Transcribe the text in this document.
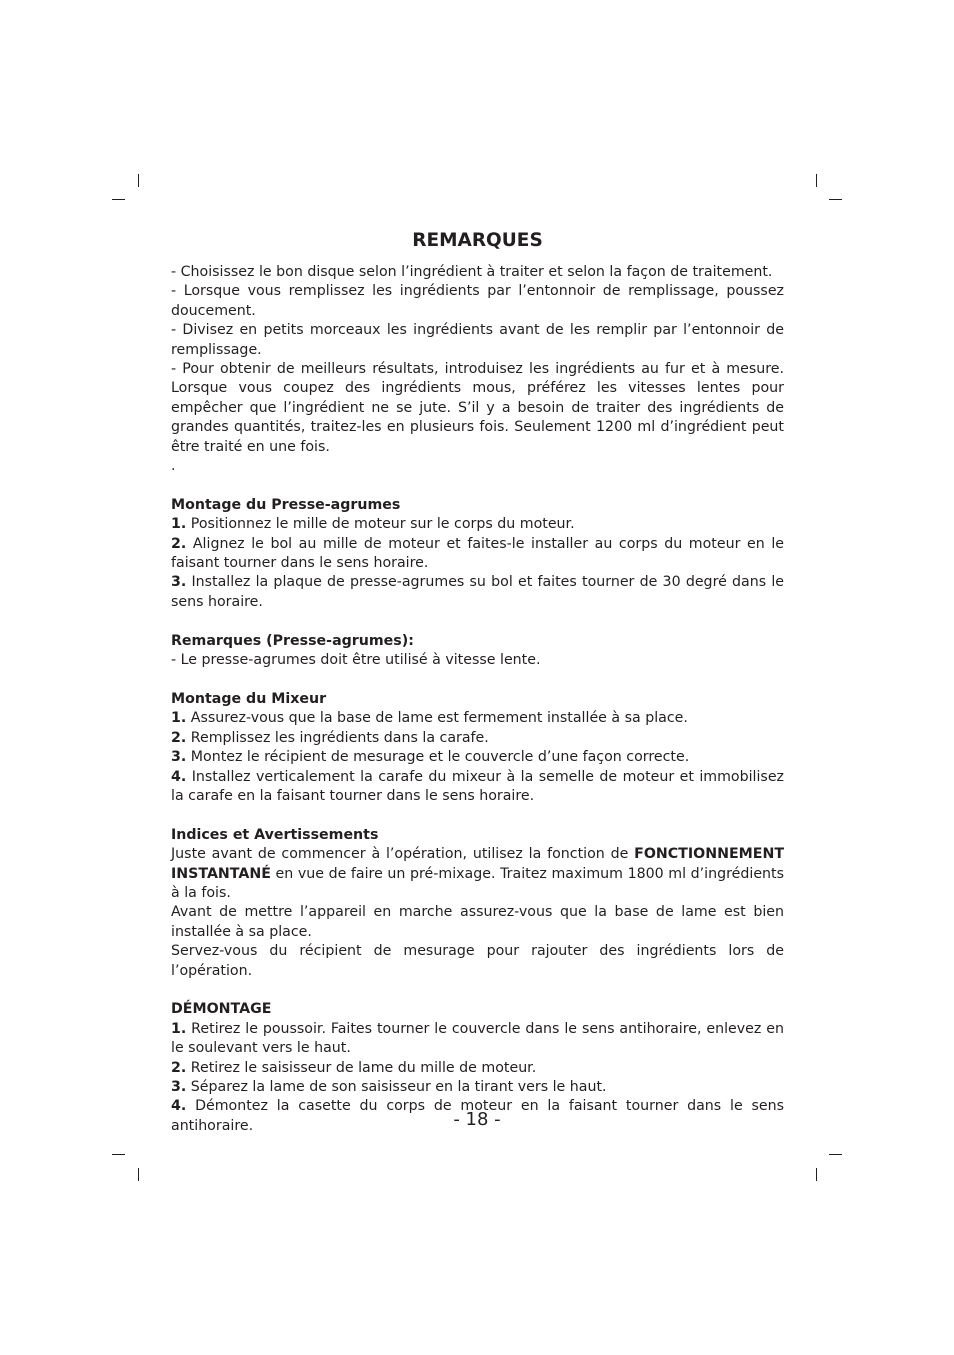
REMARQUES

- Choisissez le bon disque selon l’ingrédient à traiter et selon la façon de traitement.

- Lorsque vous remplissez les ingrédients par l’entonnoir de remplissage, poussez doucement.

- Divisez en petits morceaux les ingrédients avant de les remplir par l’entonnoir de remplissage.

- Pour obtenir de meilleurs résultats, introduisez les ingrédients au fur et à mesure. Lorsque vous coupez des ingrédients mous, préférez les vitesses lentes pour empêcher que l’ingrédient ne se jute. S’il y a besoin de traiter des ingrédients de grandes quantités, traitez-les en plusieurs fois. Seulement 1200 ml d’ingrédient peut être traité en une fois.

.

Montage du Presse-agrumes

1. Positionnez le mille de moteur sur le corps du moteur.

2. Alignez le bol au mille de moteur et faites-le installer au corps du moteur en le faisant tourner dans le sens horaire.

3. Installez la plaque de presse-agrumes su bol et faites tourner de 30 degré dans le sens horaire.

Remarques (Presse-agrumes):

- Le presse-agrumes doit être utilisé à vitesse lente.

Montage du Mixeur

1. Assurez-vous que la base de lame est fermement installée à sa place.

2. Remplissez les ingrédients dans la carafe.

3. Montez le récipient de mesurage et le couvercle d’une façon correcte.

4. Installez verticalement la carafe du mixeur à la semelle de moteur et immobilisez la carafe en la faisant tourner dans le sens horaire.

Indices et Avertissements

Juste avant de commencer à l’opération, utilisez la fonction de FONCTIONNEMENT INSTANTANÉ en vue de faire un pré-mixage. Traitez maximum 1800 ml d’ingrédients à la fois.

Avant de mettre l’appareil en marche assurez-vous que la base de lame est bien installée à sa place.

Servez-vous du récipient de mesurage pour rajouter des ingrédients lors de l’opération.

DÉMONTAGE

1. Retirez le poussoir. Faites tourner le couvercle dans le sens antihoraire, enlevez en le soulevant vers le haut.

2. Retirez le saisisseur de lame du mille de moteur.

3. Séparez la lame de son saisisseur en la tirant vers le haut.

4. Démontez la casette du corps de moteur en la faisant tourner dans le sens antihoraire.	- 18 -
